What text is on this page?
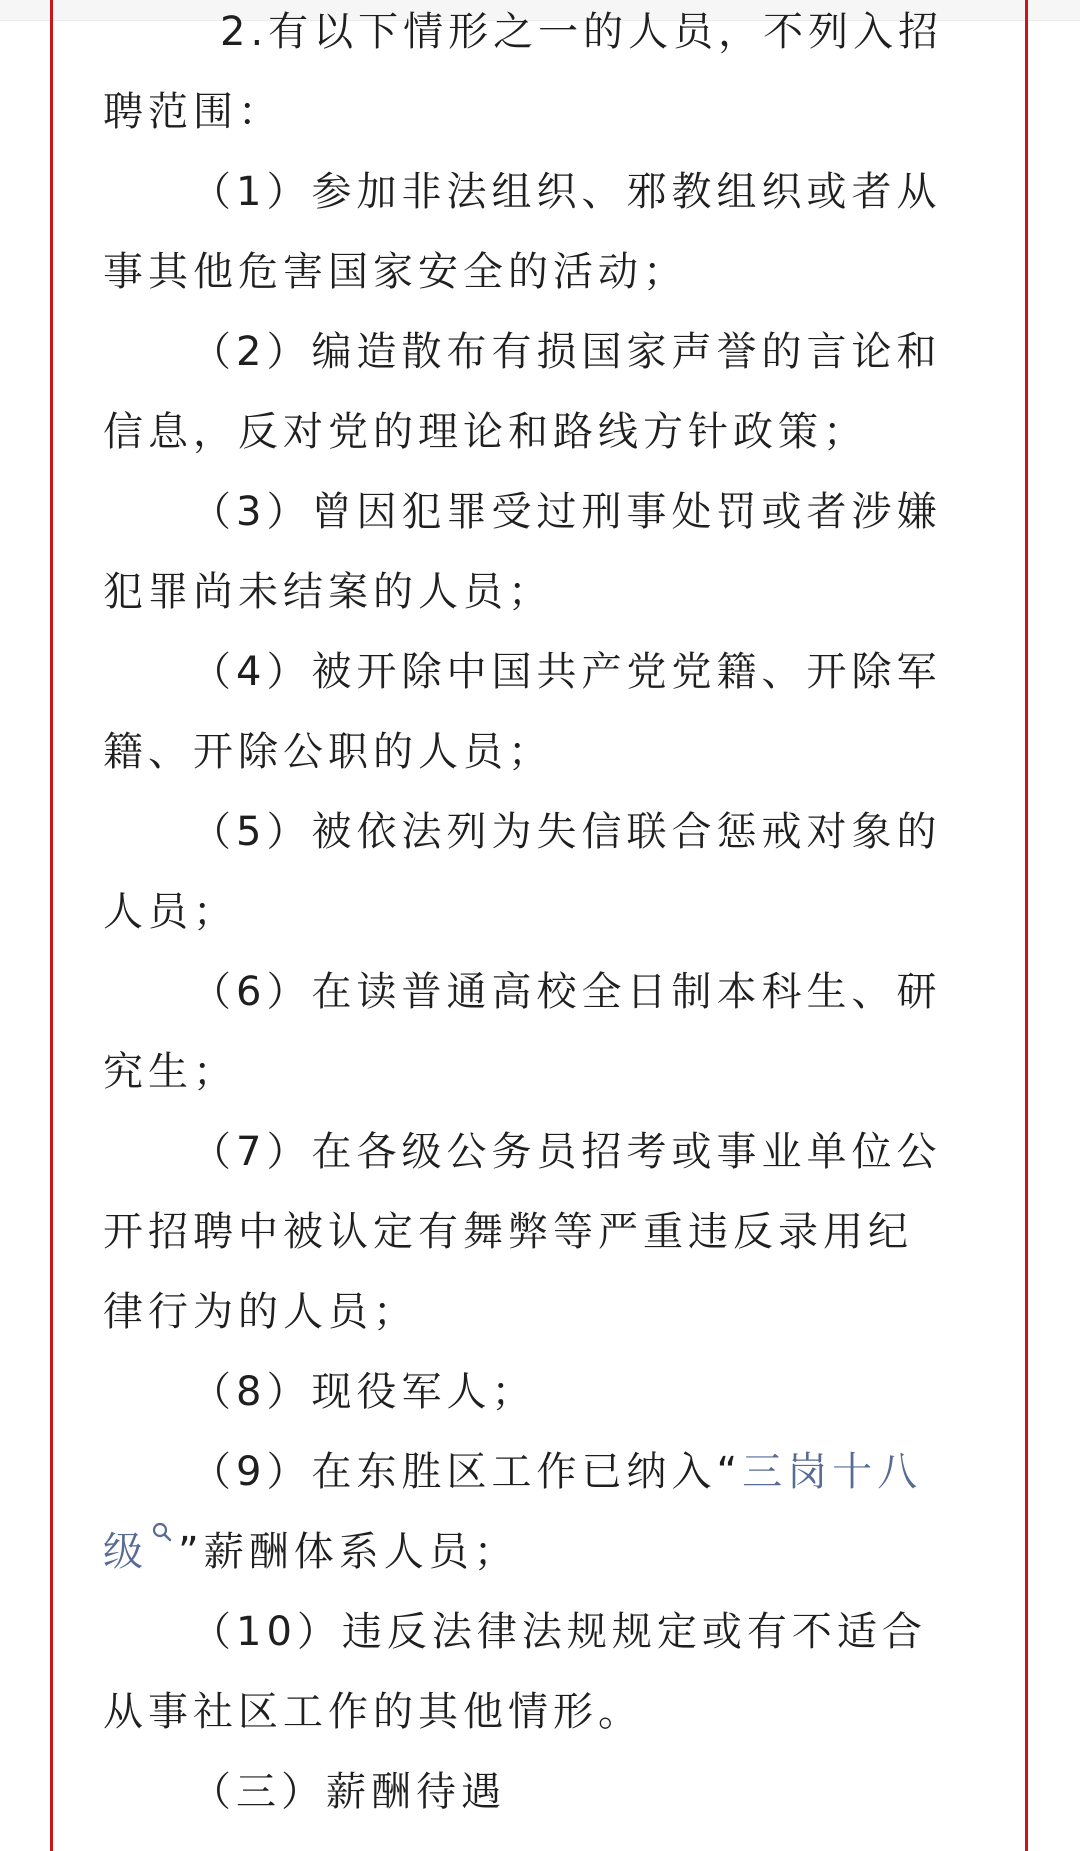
2.有以下情形之一的人员，不列入招
聘范围：
（1）参加非法组织、邪教组织或者从
事其他危害国家安全的活动；
（2）编造散布有损国家声誉的言论和
信息，反对党的理论和路线方针政策；
（3）曾因犯罪受过刑事处罚或者涉嫌
犯罪尚未结案的人员；
（4）被开除中国共产党党籍、开除军
籍、开除公职的人员；
（5）被依法列为失信联合惩戒对象的
人员；
（6）在读普通高校全日制本科生、研
究生；
（7）在各级公务员招考或事业单位公
开招聘中被认定有舞弊等严重违反录用纪
律行为的人员；
（8）现役军人；
（9）在东胜区工作已纳入“三岗十八
级 ”薪酬体系人员；
（10）违反法律法规规定或有不适合
从事社区工作的其他情形。
（三）薪酬待遇
